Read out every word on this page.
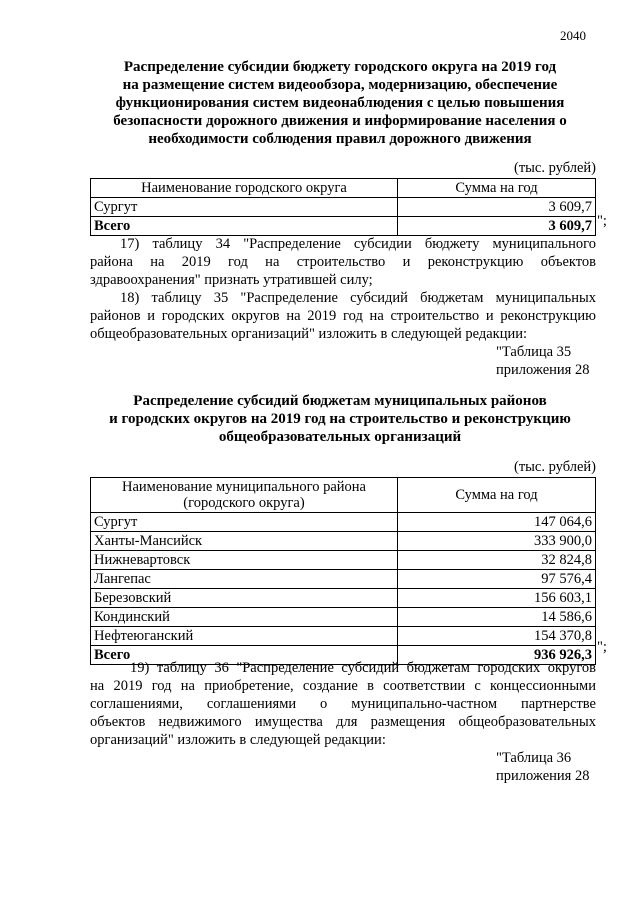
2040
Распределение субсидии бюджету городского округа на 2019 год
на размещение систем видеообзора, модернизацию, обеспечение
функционирования систем видеонаблюдения с целью повышения
безопасности дорожного движения и информирование населения о
необходимости соблюдения правил дорожного движения
(тыс. рублей)
Наименование городского округа	Сумма на год
Сургут	3 609,7
Всего	3 609,7 ";
17) таблицу 34 "Распределение субсидии бюджету муниципального
района на 2019 год на строительство и реконструкцию объектов
здравоохранения" признать утратившей силу;
18) таблицу 35 "Распределение субсидий бюджетам муниципальных
районов и городских округов на 2019 год на строительство и реконструкцию
общеобразовательных организаций" изложить в следующей редакции:
"Таблица 35
приложения 28
Распределение субсидий бюджетам муниципальных районов
и городских округов на 2019 год на строительство и реконструкцию
общеобразовательных организаций
(тыс. рублей)
Наименование муниципального района (городского округа)	Сумма на год
Сургут	147 064,6
Ханты-Мансийск	333 900,0
Нижневартовск	32 824,8
Лангепас	97 576,4
Березовский	156 603,1
Кондинский	14 586,6
Нефтеюганский	154 370,8
Всего	936 926,3 ";
19) таблицу 36 "Распределение субсидий бюджетам городских округов
на 2019 год на приобретение, создание в соответствии с концессионными
соглашениями, соглашениями о муниципально-частном партнерстве
объектов недвижимого имущества для размещения общеобразовательных
организаций" изложить в следующей редакции:
"Таблица 36
приложения 28
